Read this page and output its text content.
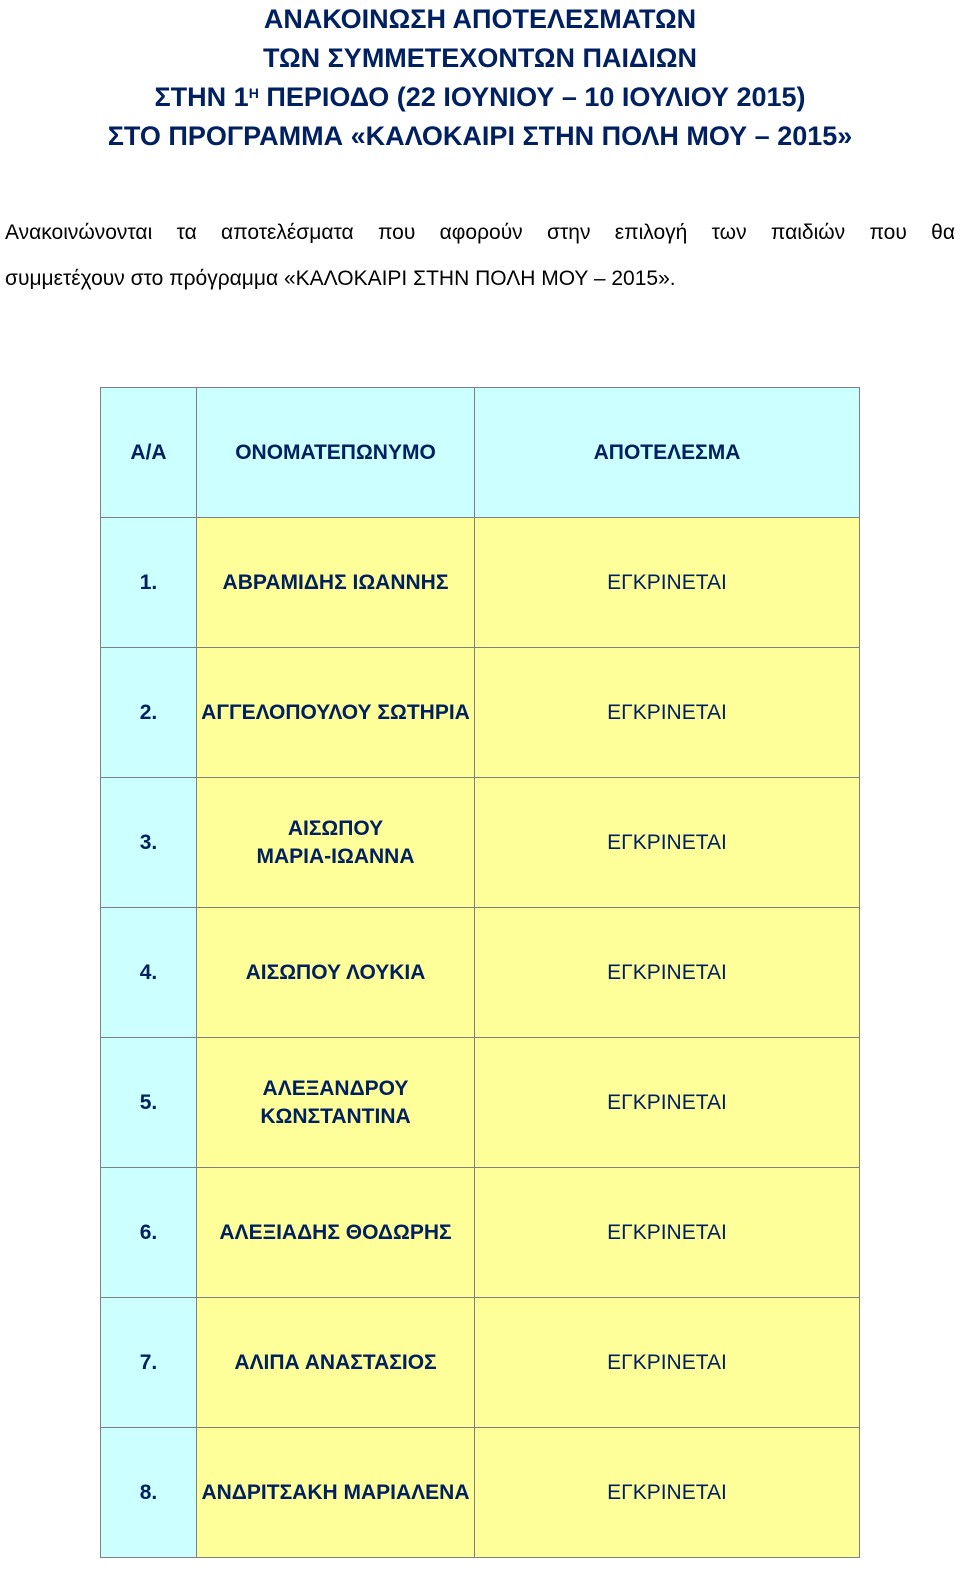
ΑΝΑΚΟΙΝΩΣΗ ΑΠΟΤΕΛΕΣΜΑΤΩΝ
ΤΩΝ ΣΥΜΜΕΤΕΧΟΝΤΩΝ ΠΑΙΔΙΩΝ
ΣΤΗΝ $1^H$ ΠΕΡΙΟΔΟ (22 ΙΟΥΝΙΟΥ – 10 ΙΟΥΛΙΟΥ 2015)
ΣΤΟ ΠΡΟΓΡΑΜΜΑ «ΚΑΛΟΚΑΙΡΙ ΣΤΗΝ ΠΟΛΗ ΜΟΥ – 2015»
Ανακοινώνονται τα αποτελέσματα που αφορούν στην επιλογή των παιδιών που θα
συμμετέχουν στο πρόγραμμα «ΚΑΛΟΚΑΙΡΙ ΣΤΗΝ ΠΟΛΗ ΜΟΥ – 2015».
Α/Α	ΟΝΟΜΑΤΕΠΩΝΥΜΟ	ΑΠΟΤΕΛΕΣΜΑ
1.	ΑΒΡΑΜΙΔΗΣ ΙΩΑΝΝΗΣ	ΕΓΚΡΙΝΕΤΑΙ
2.	ΑΓΓΕΛΟΠΟΥΛΟΥ ΣΩΤΗΡΙΑ	ΕΓΚΡΙΝΕΤΑΙ
3.	ΑΙΣΩΠΟΥ
ΜΑΡΙΑ-ΙΩΑΝΝΑ	ΕΓΚΡΙΝΕΤΑΙ
4.	ΑΙΣΩΠΟΥ ΛΟΥΚΙΑ	ΕΓΚΡΙΝΕΤΑΙ
5.	ΑΛΕΞΑΝΔΡΟΥ ΚΩΝΣΤΑΝΤΙΝΑ	ΕΓΚΡΙΝΕΤΑΙ
6.	ΑΛΕΞΙΑΔΗΣ ΘΟΔΩΡΗΣ	ΕΓΚΡΙΝΕΤΑΙ
7.	ΑΛΙΠΑ ΑΝΑΣΤΑΣΙΟΣ	ΕΓΚΡΙΝΕΤΑΙ
8.	ΑΝΔΡΙΤΣΑΚΗ ΜΑΡΙΑΛΕΝΑ	ΕΓΚΡΙΝΕΤΑΙ
